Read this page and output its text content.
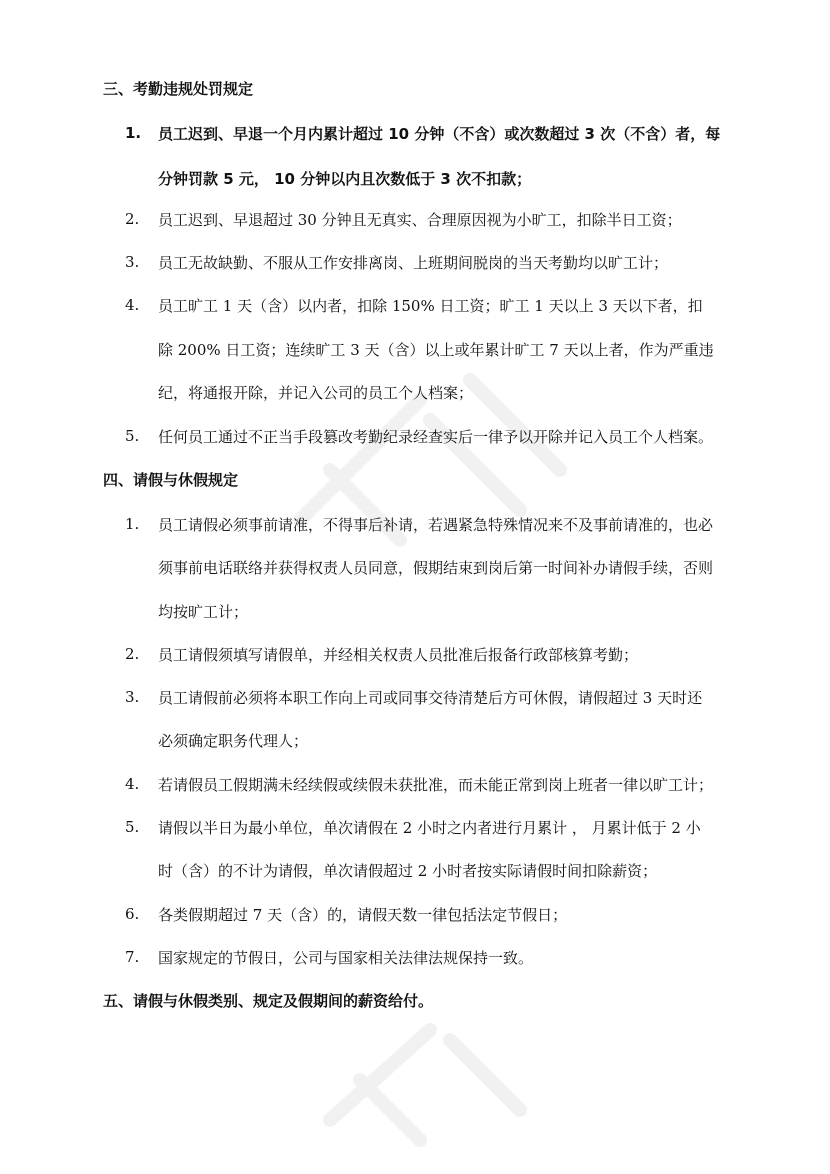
三、考勤违规处罚规定
1.	员工迟到、早退一个月内累计超过 10 分钟（不含）或次数超过 3 次（不含）者，每
分钟罚款 5 元， 10 分钟以内且次数低于 3 次不扣款；
2.	员工迟到、早退超过 30 分钟且无真实、合理原因视为小旷工，扣除半日工资；
3.	员工无故缺勤、不服从工作安排离岗、上班期间脱岗的当天考勤均以旷工计；
4.	员工旷工 1 天（含）以内者，扣除 150% 日工资；旷工 1 天以上 3 天以下者，扣
除 200% 日工资；连续旷工 3 天（含）以上或年累计旷工 7 天以上者，作为严重违
纪，将通报开除，并记入公司的员工个人档案；
5.	任何员工通过不正当手段篡改考勤纪录经查实后一律予以开除并记入员工个人档案。
四、请假与休假规定
1.	员工请假必须事前请准，不得事后补请，若遇紧急特殊情况来不及事前请准的，也必
须事前电话联络并获得权责人员同意，假期结束到岗后第一时间补办请假手续，否则
均按旷工计；
2.	员工请假须填写请假单，并经相关权责人员批准后报备行政部核算考勤；
3.	员工请假前必须将本职工作向上司或同事交待清楚后方可休假，请假超过 3 天时还
必须确定职务代理人；
4.	若请假员工假期满未经续假或续假未获批准，而未能正常到岗上班者一律以旷工计；
5.	请假以半日为最小单位，单次请假在 2 小时之内者进行月累计 ， 月累计低于 2 小
时（含）的不计为请假，单次请假超过 2 小时者按实际请假时间扣除薪资；
6.	各类假期超过 7 天（含）的，请假天数一律包括法定节假日；
7.	国家规定的节假日，公司与国家相关法律法规保持一致。
五、请假与休假类别、规定及假期间的薪资给付。
